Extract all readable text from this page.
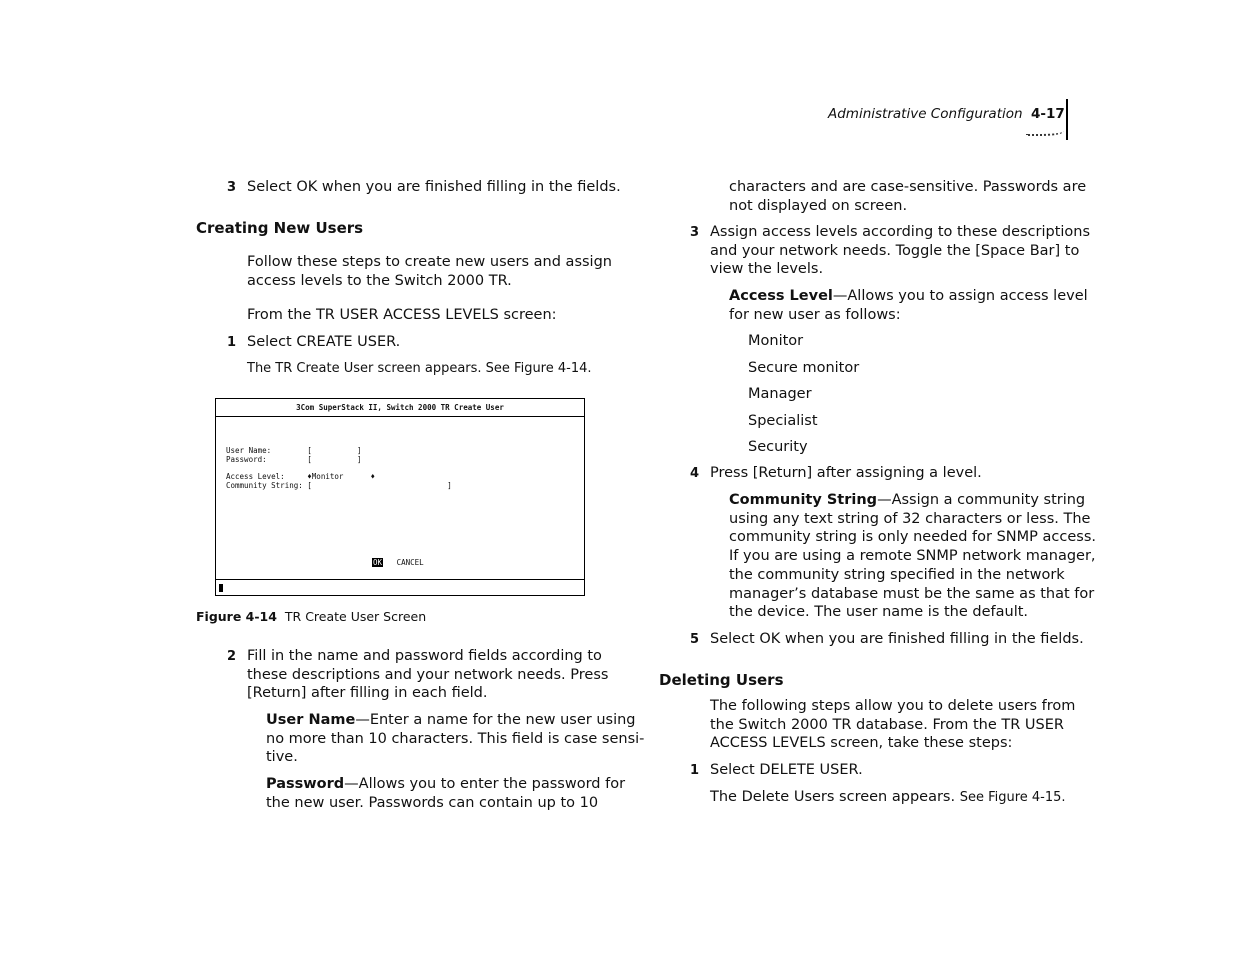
Administrative Configuration 4-17
3 Select OK when you are finished filling in the fields.
Creating New Users
Follow these steps to create new users and assign
access levels to the Switch 2000 TR.
From the TR USER ACCESS LEVELS screen:
1 Select CREATE USER.
The TR Create User screen appears. See Figure 4-14.
3Com SuperStack II, Switch 2000 TR Create User
User Name:        [          ]
Password:         [          ]
Access Level:     ♦Monitor      ♦
Community String: [                              ]
OK CANCEL
Figure 4-14 TR Create User Screen
2 Fill in the name and password fields according to
these descriptions and your network needs. Press
[Return] after filling in each field.
User Name—Enter a name for the new user using
no more than 10 characters. This field is case sensi-
tive.
Password—Allows you to enter the password for
the new user. Passwords can contain up to 10
characters and are case-sensitive. Passwords are
not displayed on screen.
3 Assign access levels according to these descriptions
and your network needs. Toggle the [Space Bar] to
view the levels.
Access Level—Allows you to assign access level
for new user as follows:
Monitor
Secure monitor
Manager
Specialist
Security
4 Press [Return] after assigning a level.
Community String—Assign a community string
using any text string of 32 characters or less. The
community string is only needed for SNMP access.
If you are using a remote SNMP network manager,
the community string specified in the network
manager’s database must be the same as that for
the device. The user name is the default.
5 Select OK when you are finished filling in the fields.
Deleting Users
The following steps allow you to delete users from
the Switch 2000 TR database. From the TR USER
ACCESS LEVELS screen, take these steps:
1 Select DELETE USER.
The Delete Users screen appears. See Figure 4-15.
